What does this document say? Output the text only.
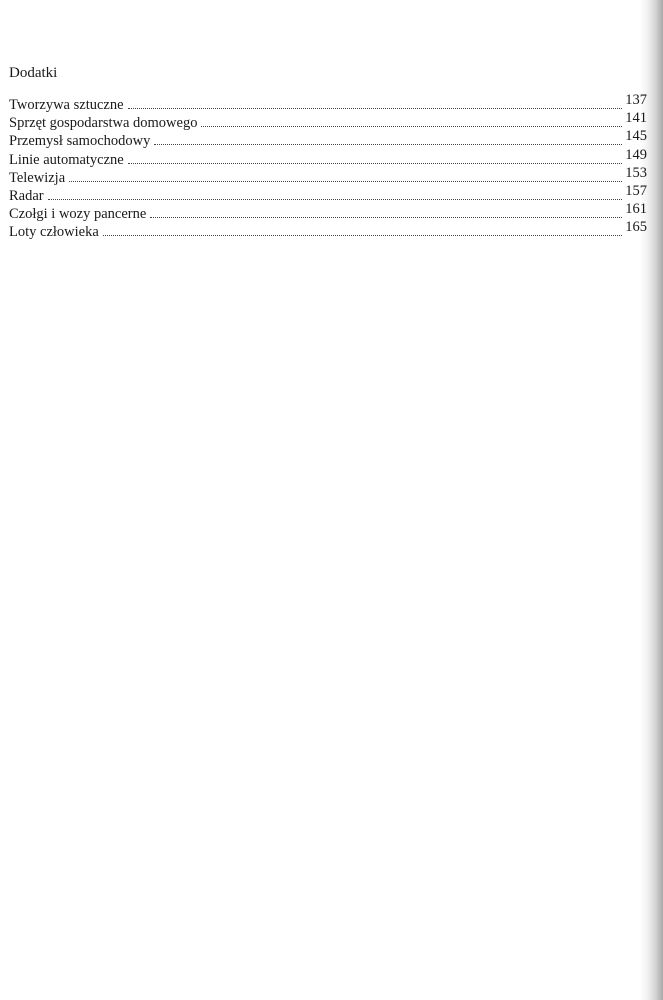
Dodatki
Tworzywa sztuczne	137
Sprzęt gospodarstwa domowego	141
Przemysł samochodowy	145
Linie automatyczne	149
Telewizja	153
Radar	157
Czołgi i wozy pancerne	161
Loty człowieka	165
